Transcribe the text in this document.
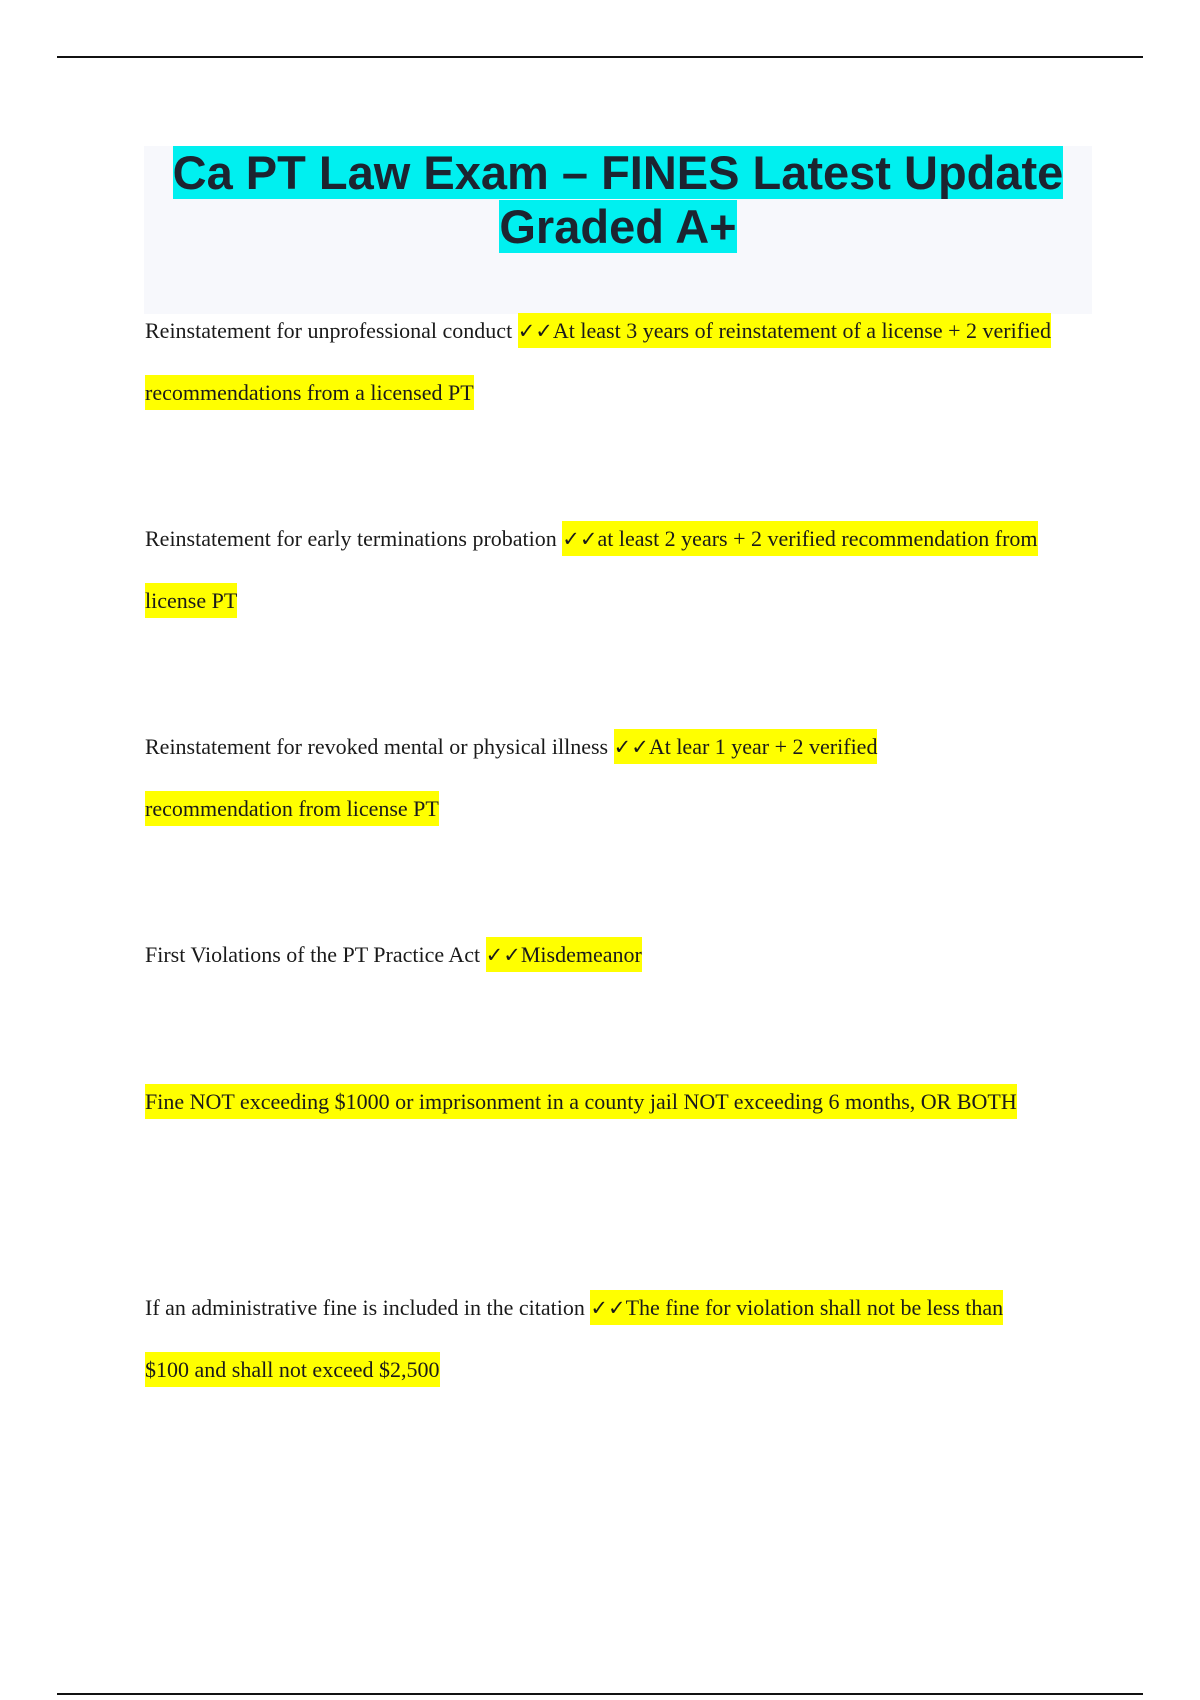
Ca PT Law Exam – FINES Latest Update Graded A+

Reinstatement for unprofessional conduct ✓✓At least 3 years of reinstatement of a license + 2 verified recommendations from a licensed PT

Reinstatement for early terminations probation ✓✓at least 2 years + 2 verified recommendation from license PT

Reinstatement for revoked mental or physical illness ✓✓At lear 1 year + 2 verified recommendation from license PT

First Violations of the PT Practice Act ✓✓Misdemeanor

Fine NOT exceeding $1000 or imprisonment in a county jail NOT exceeding 6 months, OR BOTH

If an administrative fine is included in the citation ✓✓The fine for violation shall not be less than $100 and shall not exceed $2,500
